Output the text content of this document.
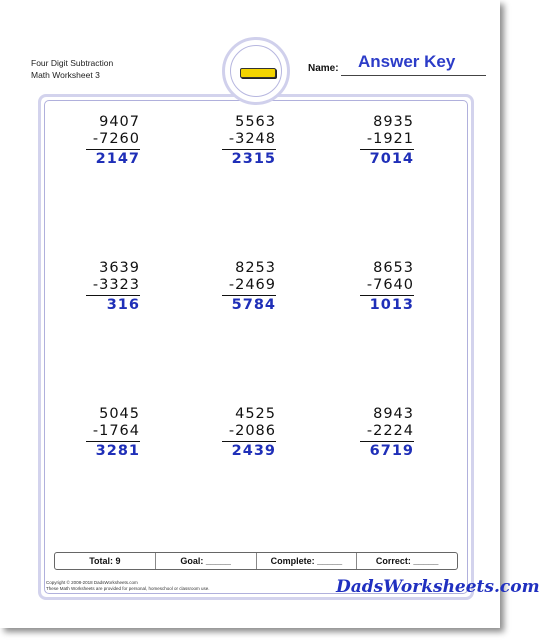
Four Digit Subtraction
Math Worksheet 3
Name: Answer Key
9407
-7260
2147
5563
-3248
2315
8935
-1921
7014
3639
-3323
316
8253
-2469
5784
8653
-7640
1013
5045
-1764
3281
4525
-2086
2439
8943
-2224
6719
Total: 9	Goal: _____	Complete: _____	Correct: _____
Copyright © 2008-2018 DadsWorksheets.com
These Math Worksheets are provided for personal, homeschool or classroom use.	DadsWorksheets.com
